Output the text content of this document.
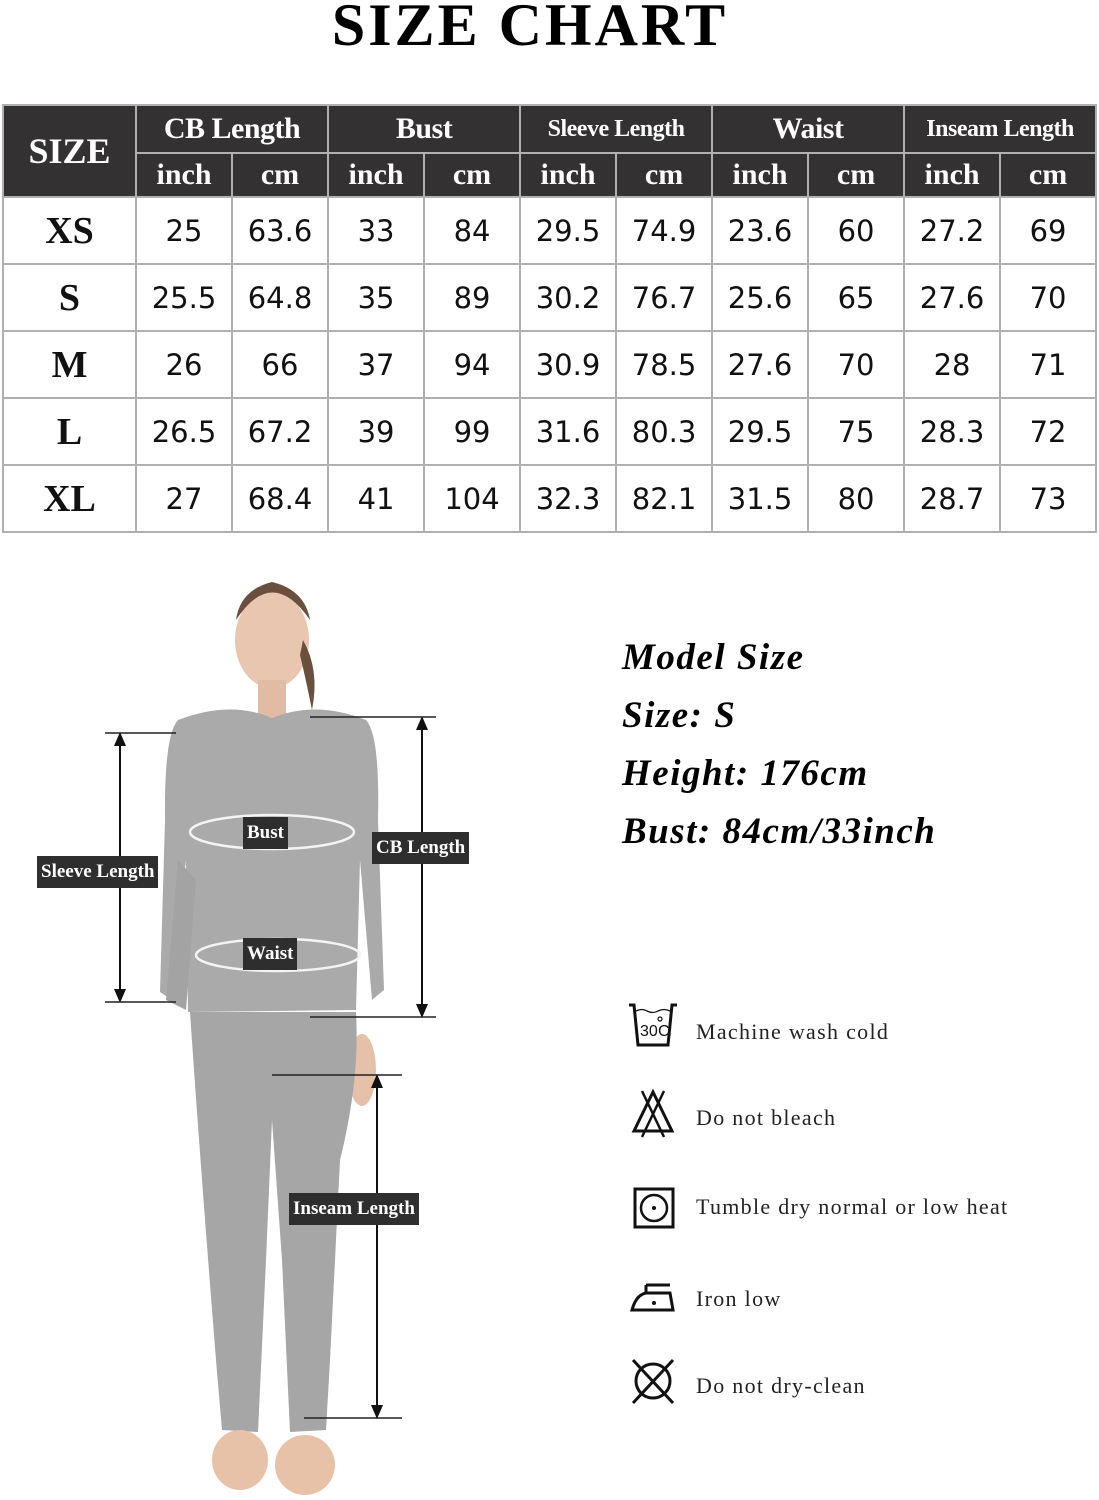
SIZE CHART
SIZE	CB Length		Bust		Sleeve Length		Waist		Inseam Length	
	inch	cm	inch	cm	inch	cm	inch	cm	inch	cm
XS	25	63.6	33	84	29.5	74.9	23.6	60	27.2	69
S	25.5	64.8	35	89	30.2	76.7	25.6	65	27.6	70
M	26	66	37	94	30.9	78.5	27.6	70	28	71
L	26.5	67.2	39	99	31.6	80.3	29.5	75	28.3	72
XL	27	68.4	41	104	32.3	82.1	31.5	80	28.7	73
Bust
Waist
CB Length
Sleeve Length
Inseam Length
Model Size
Size: S
Height: 176cm
Bust: 84cm/33inch
30 C Machine wash cold
Do not bleach
Tumble dry normal or low heat
Iron low
Do not dry-clean
